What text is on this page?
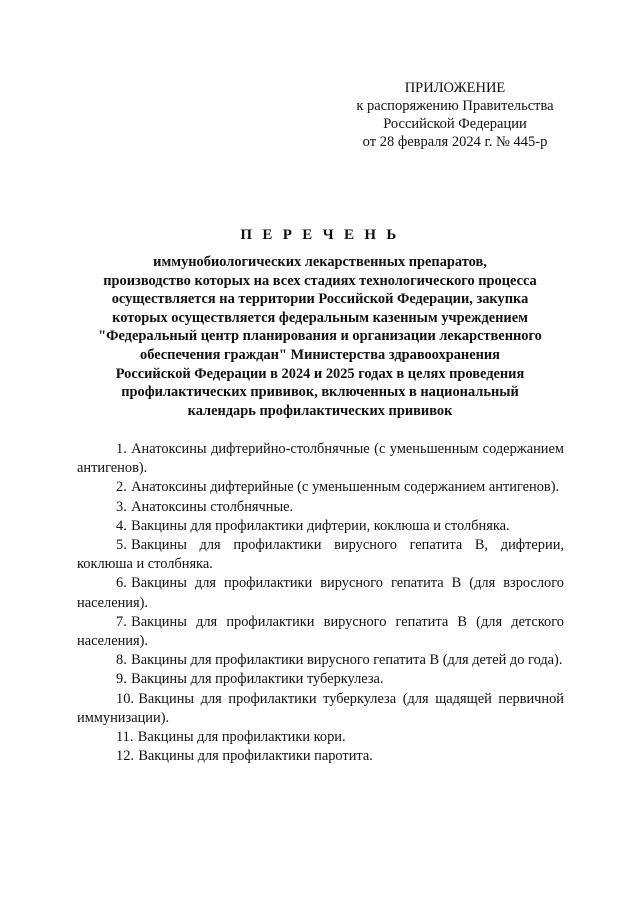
ПРИЛОЖЕНИЕ
к распоряжению Правительства
Российской Федерации
от 28 февраля 2024 г. № 445-р
П Е Р Е Ч Е Н Ь
иммунобиологических лекарственных препаратов,
производство которых на всех стадиях технологического процесса
осуществляется на территории Российской Федерации, закупка
которых осуществляется федеральным казенным учреждением
"Федеральный центр планирования и организации лекарственного
обеспечения граждан" Министерства здравоохранения
Российской Федерации в 2024 и 2025 годах в целях проведения
профилактических прививок, включенных в национальный
календарь профилактических прививок

1. Анатоксины дифтерийно-столбнячные (с уменьшенным содержанием антигенов).

2. Анатоксины дифтерийные (с уменьшенным содержанием антигенов).

3. Анатоксины столбнячные.

4. Вакцины для профилактики дифтерии, коклюша и столбняка.

5. Вакцины для профилактики вирусного гепатита В, дифтерии, коклюша и столбняка.

6. Вакцины для профилактики вирусного гепатита В (для взрослого населения).

7. Вакцины для профилактики вирусного гепатита В (для детского населения).

8. Вакцины для профилактики вирусного гепатита В (для детей до года).

9. Вакцины для профилактики туберкулеза.

10. Вакцины для профилактики туберкулеза (для щадящей первичной иммунизации).

11. Вакцины для профилактики кори.

12. Вакцины для профилактики паротита.
